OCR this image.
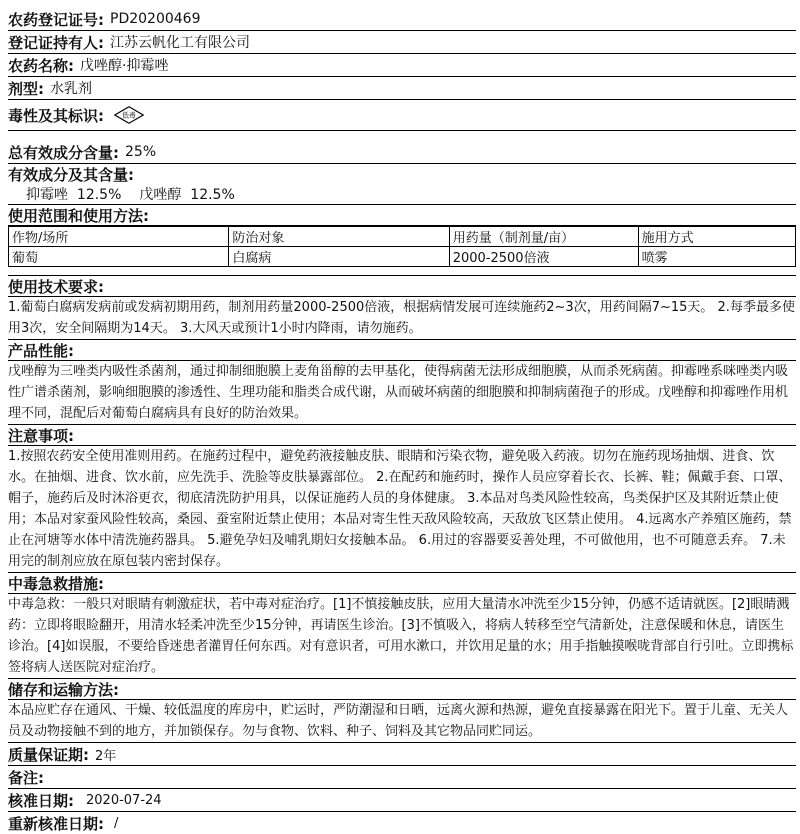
农药登记证号: PD20200469
登记证持有人: 江苏云帆化工有限公司
农药名称: 戊唑醇·抑霉唑
剂型: 水乳剂
毒性及其标识: 低毒
总有效成分含量: 25%
有效成分及其含量:
抑霉唑 12.5% 戊唑醇 12.5%
使用范围和使用方法:
作物/场所	防治对象	用药量（制剂量/亩）	施用方式
葡萄	白腐病	2000-2500倍液	喷雾
使用技术要求:
1.葡萄白腐病发病前或发病初期用药，制剂用药量2000-2500倍液，根据病情发展可连续施药2~3次，用药间隔7~15天。 2.每季最多使用3次，安全间隔期为14天。 3.大风天或预计1小时内降雨，请勿施药。
产品性能:
戊唑醇为三唑类内吸性杀菌剂，通过抑制细胞膜上麦角甾醇的去甲基化，使得病菌无法形成细胞膜，从而杀死病菌。抑霉唑系咪唑类内吸性广谱杀菌剂，影响细胞膜的渗透性、生理功能和脂类合成代谢，从而破坏病菌的细胞膜和抑制病菌孢子的形成。戊唑醇和抑霉唑作用机 理不同，混配后对葡萄白腐病具有良好的防治效果。
注意事项:
1.按照农药安全使用准则用药。在施药过程中，避免药液接触皮肤、眼睛和污染衣物，避免吸入药液。切勿在施药现场抽烟、进食、饮水。在抽烟、进食、饮水前，应先洗手、洗脸等皮肤暴露部位。 2.在配药和施药时，操作人员应穿着长衣、长裤、鞋；佩戴手套、口罩、帽子，施药后及时沐浴更衣，彻底清洗防护用具，以保证施药人员的身体健康。 3.本品对鸟类风险性较高，鸟类保护区及其附近禁止使用；本品对家蚕风险性较高，桑园、蚕室附近禁止使用；本品对寄生性天敌风险较高，天敌放飞区禁止使用。 4.远离水产养殖区施药，禁止在河塘等水体中清洗施药器具。 5.避免孕妇及哺乳期妇女接触本品。 6.用过的容器要妥善处理，不可做他用，也不可随意丢弃。 7.未用完的制剂应放在原包装内密封保存。
中毒急救措施:
中毒急救：一般只对眼睛有刺激症状，若中毒对症治疗。[1]不慎接触皮肤，应用大量清水冲洗至少15分钟，仍感不适请就医。[2]眼睛溅药：立即将眼睑翻开，用清水轻柔冲洗至少15分钟，再请医生诊治。[3]不慎吸入，将病人转移至空气清新处，注意保暖和休息，请医生诊治。[4]如误服，不要给昏迷患者灌胃任何东西。对有意识者，可用水漱口，并饮用足量的水；用手指触摸喉咙背部自行引吐。立即携标签将病人送医院对症治疗。
储存和运输方法:
本品应贮存在通风、干燥、较低温度的库房中，贮运时，严防潮湿和日晒，远离火源和热源，避免直接暴露在阳光下。置于儿童、无关人员及动物接触不到的地方，并加锁保存。勿与食物、饮料、种子、饲料及其它物品同贮同运。
质量保证期: 2年
备注:
核准日期: 2020-07-24
重新核准日期: /
